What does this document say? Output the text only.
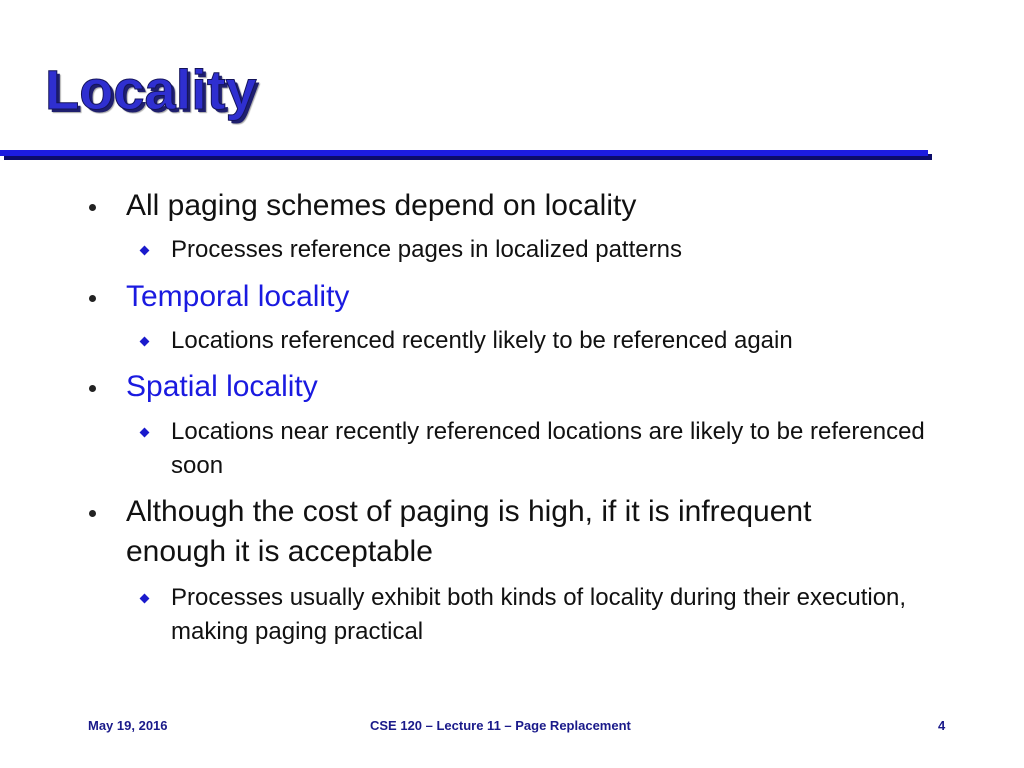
Locality
All paging schemes depend on locality
Processes reference pages in localized patterns
Temporal locality
Locations referenced recently likely to be referenced again
Spatial locality
Locations near recently referenced locations are likely to be referenced soon
Although the cost of paging is high, if it is infrequent enough it is acceptable
Processes usually exhibit both kinds of locality during their execution, making paging practical
May 19, 2016	CSE 120 – Lecture 11 – Page Replacement	4
